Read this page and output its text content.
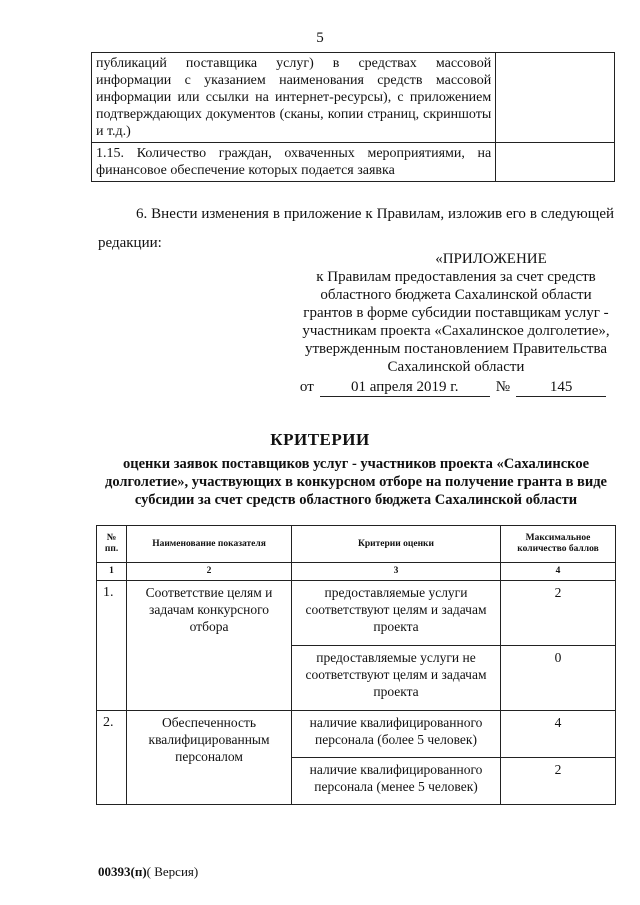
5
публикаций поставщика услуг) в средствах массовой информации с указанием наименования средств массовой информации или ссылки на интернет-ресурсы), с приложением подтверждающих документов (сканы, копии страниц, скриншоты и т.д.)	
1.15. Количество граждан, охваченных мероприятиями, на финансовое обеспечение которых подается заявка	
6. Внести изменения в приложение к Правилам, изложив его в следующей редакции:
«ПРИЛОЖЕНИЕ
к Правилам предоставления за счет средств областного бюджета Сахалинской области грантов в форме субсидии поставщикам услуг - участникам проекта «Сахалинское долголетие», утвержденным постановлением Правительства Сахалинской области
от	01 апреля 2019 г.	№	145
КРИТЕРИИ
оценки заявок поставщиков услуг - участников проекта «Сахалинское долголетие», участвующих в конкурсном отборе на получение гранта в виде субсидии за счет средств областного бюджета Сахалинской области
№ пп.	Наименование показателя	Критерии оценки	Максимальное количество баллов
1	2	3	4
1.	Соответствие целям и задачам конкурсного отбора	предоставляемые услуги соответствуют целям и задачам проекта	2
		предоставляемые услуги не соответствуют целям и задачам проекта	0
2.	Обеспеченность квалифицированным персоналом	наличие квалифицированного персонала (более 5 человек)	4
		наличие квалифицированного персонала (менее 5 человек)	2
00393(п)( Версия)
